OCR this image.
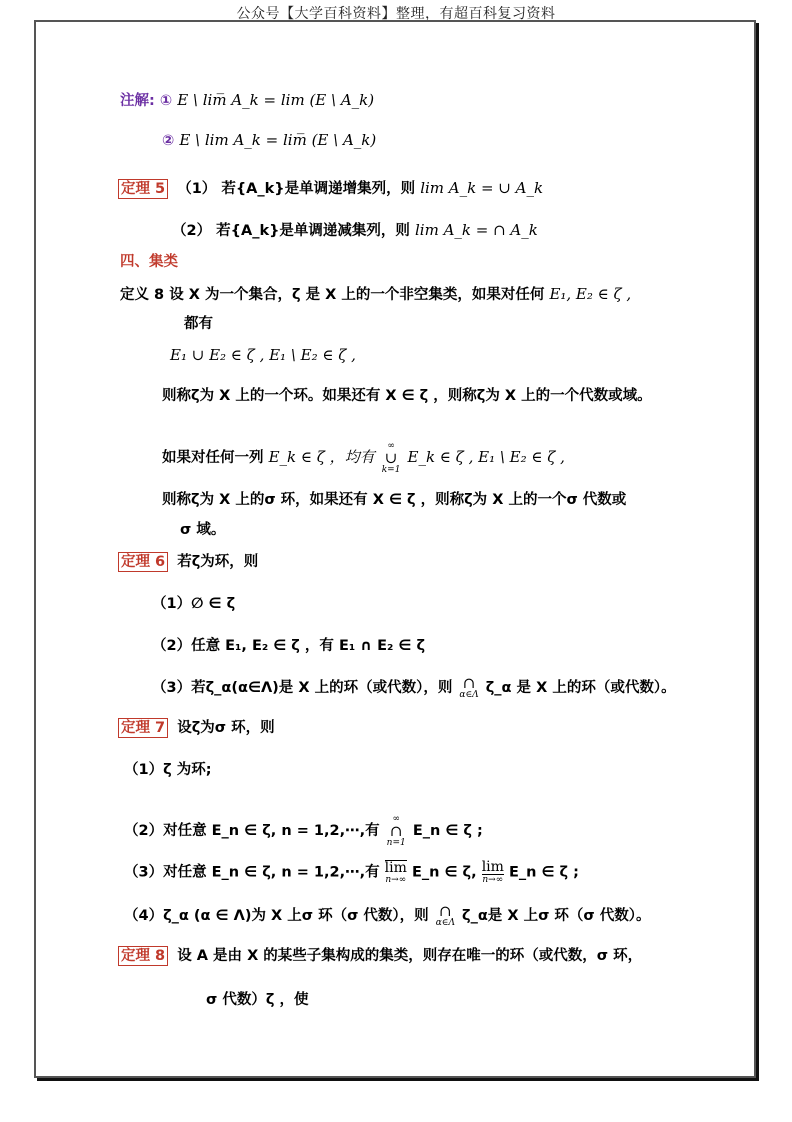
公众号【大学百科资料】整理，有超百科复习资料
注解: ① E \ lim̅ A_k = lim (E \ A_k)
② E \ lim A_k = lim̅ (E \ A_k)
定理 5 （1） 若{A_k}是单调递增集列，则 lim A_k = ∪ A_k
（2） 若{A_k}是单调递减集列，则 lim A_k = ∩ A_k
四、集类
定义 8 设 X 为一个集合，ζ 是 X 上的一个非空集类，如果对任何 E₁, E₂ ∈ ζ ,
都有
E₁ ∪ E₂ ∈ ζ , E₁ \ E₂ ∈ ζ ,
则称ζ为 X 上的一个环。如果还有 X ∈ ζ ，则称ζ为 X 上的一个代数或域。
如果对任何一列 E_k ∈ ζ ，均有
∞
∪
k=1
E_k ∈ ζ , E₁ \ E₂ ∈ ζ ,
则称ζ为 X 上的σ 环，如果还有 X ∈ ζ ，则称ζ为 X 上的一个σ 代数或
σ 域。
定理 6 若ζ为环，则
（1）∅ ∈ ζ
（2）任意 E₁, E₂ ∈ ζ ，有 E₁ ∩ E₂ ∈ ζ
（3）若ζ_α(α∈Λ)是 X 上的环（或代数），则 ∩
α∈Λ ζ_α 是 X 上的环（或代数）。
定理 7 设ζ为σ 环，则
（1）ζ 为环;
（2）对任意 E_n ∈ ζ, n = 1,2,⋯,有
∞
∩
n=1
E_n ∈ ζ ;
（3）对任意 E_n ∈ ζ, n = 1,2,⋯,有 lim
n→∞ E_n ∈ ζ, lim
n→∞ E_n ∈ ζ ;
（4）ζ_α (α ∈ Λ)为 X 上σ 环（σ 代数），则 ∩
α∈Λ ζ_α是 X 上σ 环（σ 代数）。
定理 8 设 A 是由 X 的某些子集构成的集类，则存在唯一的环（或代数，σ 环，
σ 代数）ζ ，使
